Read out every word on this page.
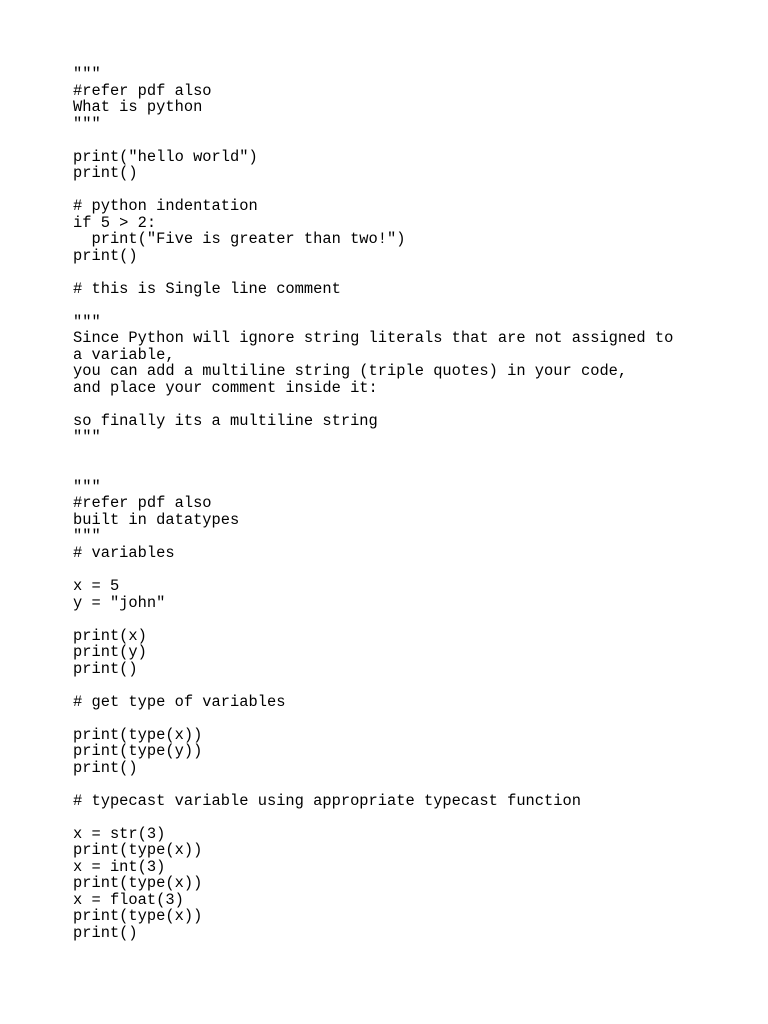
"""
#refer pdf also
What is python
"""
print("hello world")
print()
# python indentation
if 5 > 2:
print("Five is greater than two!")
print()
# this is Single line comment
"""
Since Python will ignore string literals that are not assigned to
a variable,
you can add a multiline string (triple quotes) in your code,
and place your comment inside it:
so finally its a multiline string
"""
"""
#refer pdf also
built in datatypes
"""
# variables
x = 5
y = "john"
print(x)
print(y)
print()
# get type of variables
print(type(x))
print(type(y))
print()
# typecast variable using appropriate typecast function
x = str(3)
print(type(x))
x = int(3)
print(type(x))
x = float(3)
print(type(x))
print()
